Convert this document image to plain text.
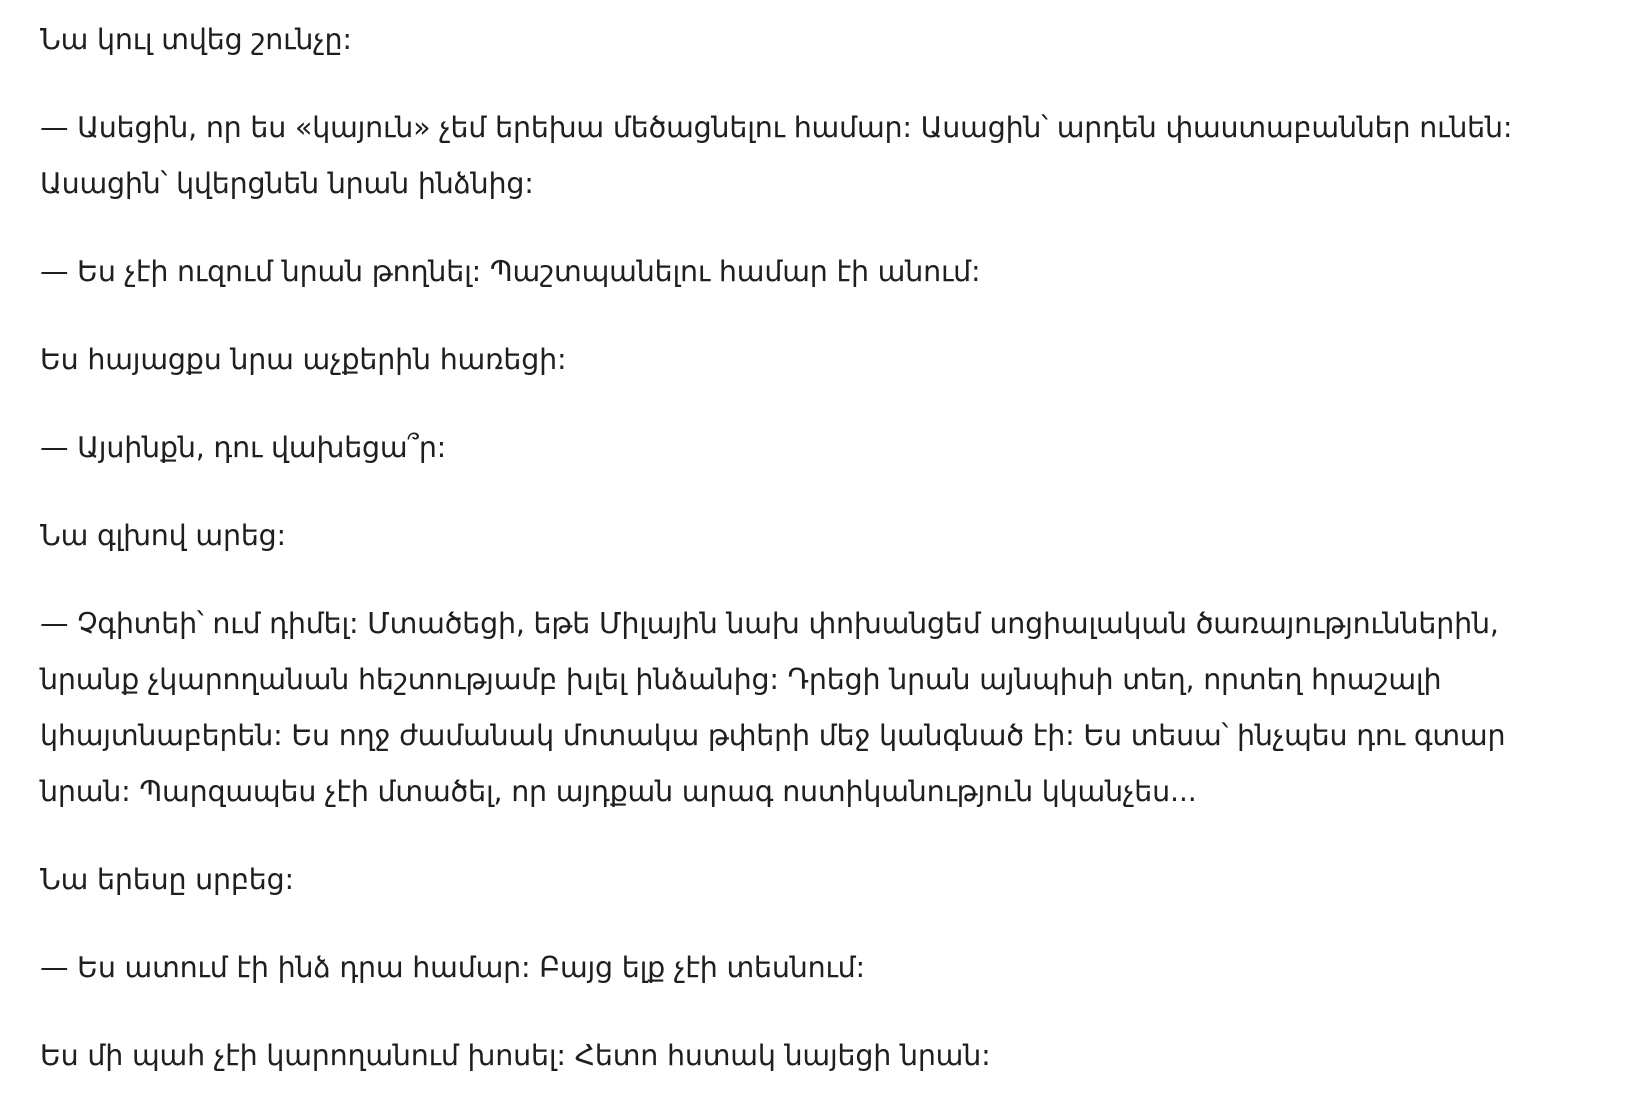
Նա կուլ տվեց շունչը:

— Ասեցին, որ ես «կայուն» չեմ երեխա մեծացնելու համար: Ասացին՝ արդեն փաստաբաններ ունեն: Ասացին՝ կվերցնեն նրան ինձնից:

— Ես չէի ուզում նրան թողնել: Պաշտպանելու համար էի անում:

Ես հայացքս նրա աչքերին հառեցի:

— Այսինքն, դու վախեցա՞ր:

Նա գլխով արեց:

— Չգիտեի՝ ում դիմել: Մտածեցի, եթե Միլային նախ փոխանցեմ սոցիալական ծառայություններին, նրանք չկարողանան հեշտությամբ խլել ինձանից: Դրեցի նրան այնպիսի տեղ, որտեղ հրաշալի կհայտնաբերեն: Ես ողջ ժամանակ մոտակա թփերի մեջ կանգնած էի: Ես տեսա՝ ինչպես դու գտար նրան: Պարզապես չէի մտածել, որ այդքան արագ ոստիկանություն կկանչես...

Նա երեսը սրբեց:

— Ես ատում էի ինձ դրա համար: Բայց ելք չէի տեսնում:

Ես մի պահ չէի կարողանում խոսել: Հետո հստակ նայեցի նրան:
